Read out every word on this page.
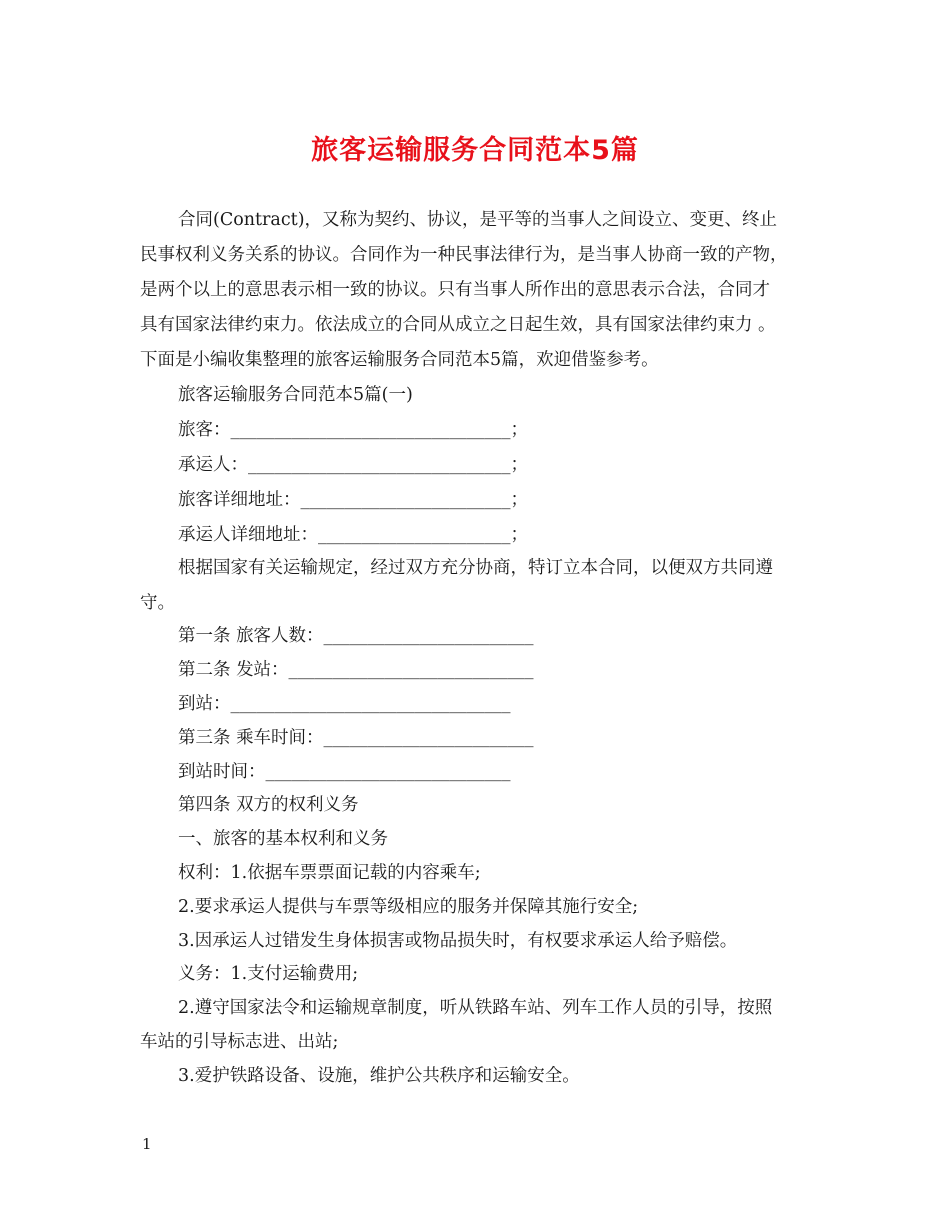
旅客运输服务合同范本5篇
合同(Contract)，又称为契约、协议，是平等的当事人之间设立、变更、终止
民事权利义务关系的协议。合同作为一种民事法律行为，是当事人协商一致的产物，
是两个以上的意思表示相一致的协议。只有当事人所作出的意思表示合法，合同才
具有国家法律约束力。依法成立的合同从成立之日起生效，具有国家法律约束力 。
下面是小编收集整理的旅客运输服务合同范本5篇，欢迎借鉴参考。
旅客运输服务合同范本5篇(一)
旅客：________________________________；
承运人：______________________________；
旅客详细地址：________________________；
承运人详细地址：______________________；
根据国家有关运输规定，经过双方充分协商，特订立本合同，以便双方共同遵
守。
第一条 旅客人数：________________________
第二条 发站：____________________________
到站：________________________________
第三条 乘车时间：________________________
到站时间：____________________________
第四条 双方的权利义务
一、旅客的基本权利和义务
权利：1.依据车票票面记载的内容乘车;
2.要求承运人提供与车票等级相应的服务并保障其施行安全;
3.因承运人过错发生身体损害或物品损失时，有权要求承运人给予赔偿。
义务：1.支付运输费用;
2.遵守国家法令和运输规章制度，听从铁路车站、列车工作人员的引导，按照
车站的引导标志进、出站;
3.爱护铁路设备、设施，维护公共秩序和运输安全。
1
